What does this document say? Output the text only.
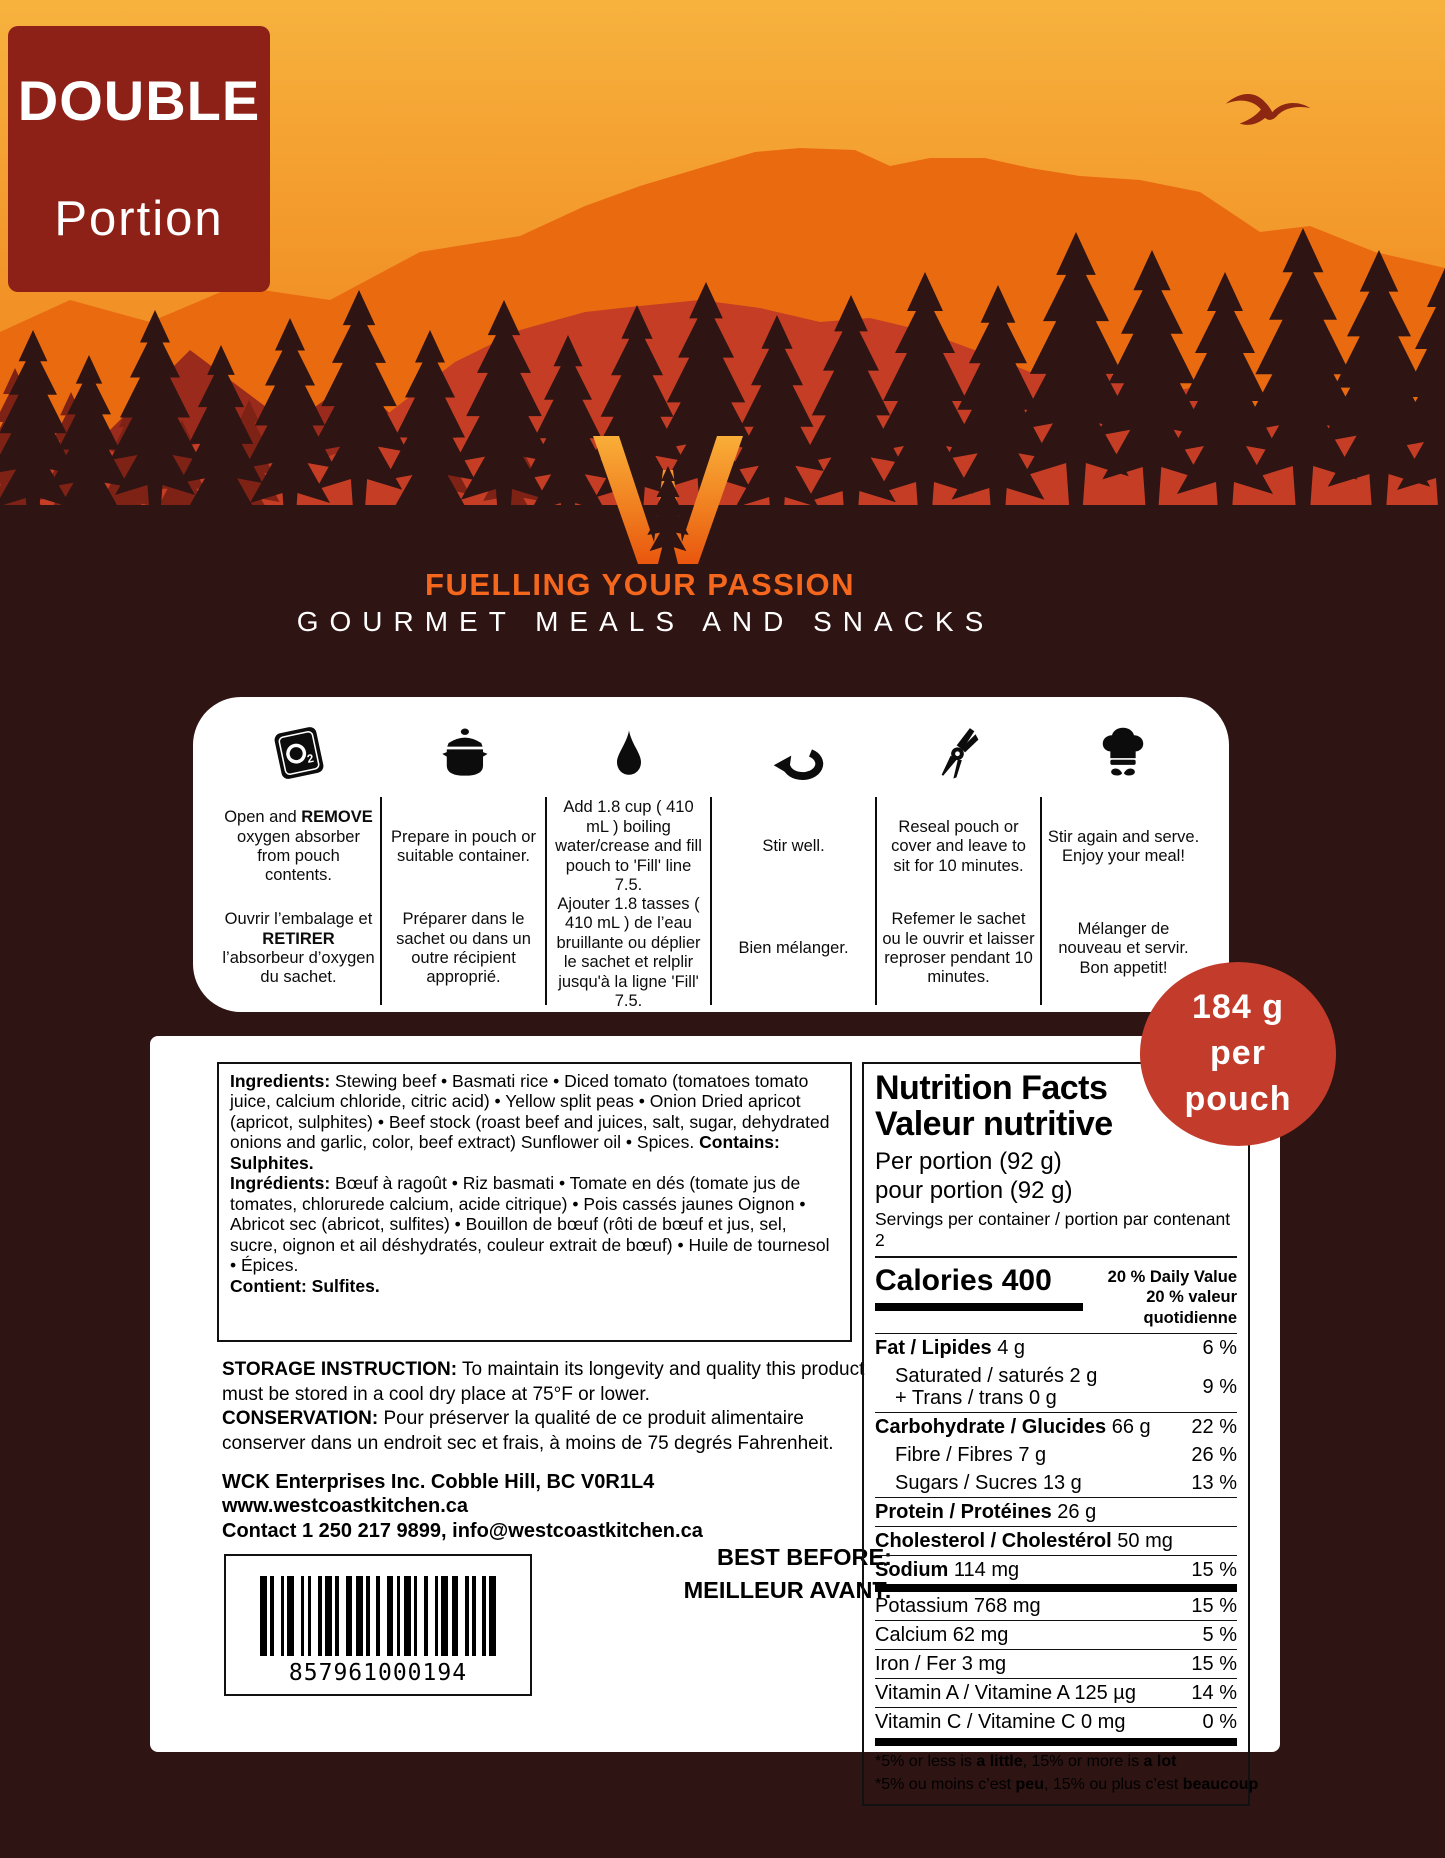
DOUBLE
Portion
FUELLING YOUR PASSION
GOURMET MEALS AND SNACKS
2
Open and REMOVE oxygen absorber from pouch contents.
Ouvrir l’embalage et RETIRER l’absorbeur d’oxygen du sachet.
Prepare in pouch or suitable container.
Préparer dans le sachet ou dans un outre récipient approprié.
Add 1.8 cup ( 410 mL ) boiling water/crease and fill pouch to 'Fill' line 7.5.
Ajouter 1.8 tasses ( 410 mL ) de l’eau bruillante ou déplier le sachet et relplir jusqu'à la ligne 'Fill' 7.5.
Stir well.
Bien mélanger.
Reseal pouch or cover and leave to sit for 10 minutes.
Refemer le sachet ou le ouvrir et laisser reproser pendant 10 minutes.
Stir again and serve. Enjoy your meal!
Mélanger de nouveau et servir. Bon appetit!
184 g
per
pouch

Ingredients: Stewing beef • Basmati rice • Diced tomato (tomatoes tomato juice, calcium chloride, citric acid) • Yellow split peas • Onion Dried apricot (apricot, sulphites) • Beef stock (roast beef and juices, salt, sugar, dehydrated onions and garlic, color, beef extract) Sunflower oil • Spices. Contains: Sulphites.

Ingrédients: Bœuf à ragoût • Riz basmati • Tomate en dés (tomate jus de tomates, chlorurede calcium, acide citrique) • Pois cassés jaunes Oignon • Abricot sec (abricot, sulfites) • Bouillon de bœuf (rôti de bœuf et jus, sel, sucre, oignon et ail déshydratés, couleur extrait de bœuf) • Huile de tournesol • Épices.
Contient: Sulfites.

STORAGE INSTRUCTION: To maintain its longevity and quality this product must be stored in a cool dry place at 75°F or lower.

CONSERVATION: Pour préserver la qualité de ce produit alimentaire conserver dans un endroit sec et frais, à moins de 75 degrés Fahrenheit.

WCK Enterprises Inc. Cobble Hill, BC V0R1L4
www.westcoastkitchen.ca
Contact 1 250 217 9899, info@westcoastkitchen.ca
BEST BEFORE:
MEILLEUR AVANT:
857961000194
Nutrition Facts
Valeur nutritive
Per portion (92 g)
pour portion (92 g)
Servings per container / portion par contenant 2
Calories 400	20 % Daily Value
20 % valeur quotidienne
Fat / Lipides 4 g	6 %
Saturated / saturés 2 g
+ Trans / trans 0 g	9 %
Carbohydrate / Glucides 66 g	22 %
Fibre / Fibres 7 g	26 %
Sugars / Sucres 13 g	13 %
Protein / Protéines 26 g
Cholesterol / Cholestérol 50 mg
Sodium 114 mg	15 %
Potassium 768 mg	15 %
Calcium 62 mg	5 %
Iron / Fer 3 mg	15 %
Vitamin A / Vitamine A 125 µg	14 %
Vitamin C / Vitamine C 0 mg	0 %
*5% or less is a little, 15% or more is a lot
*5% ou moins c’est peu, 15% ou plus c’est beaucoup
